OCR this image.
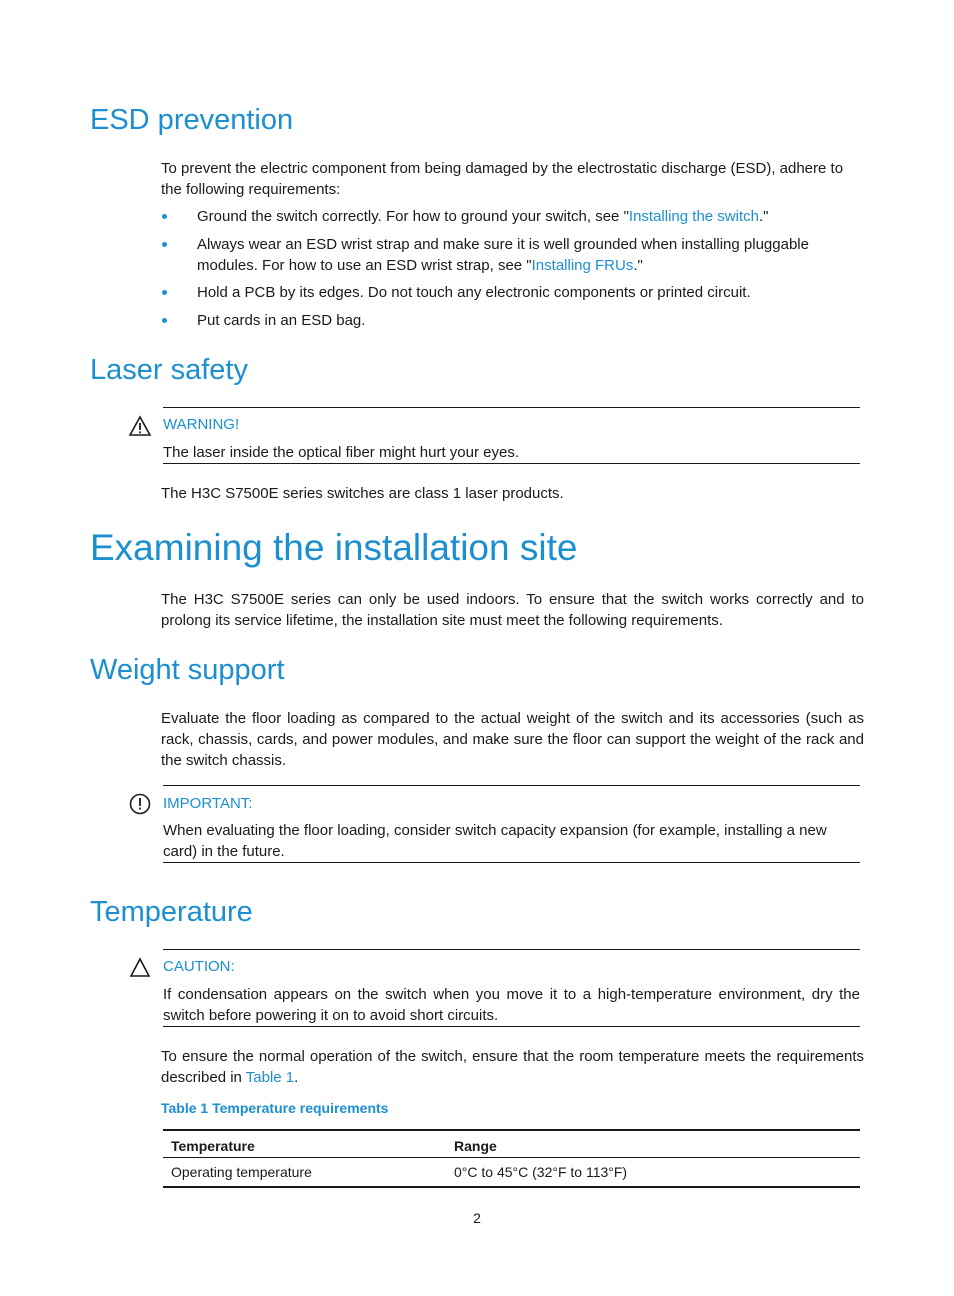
ESD prevention
To prevent the electric component from being damaged by the electrostatic discharge (ESD), adhere to the following requirements:
Ground the switch correctly. For how to ground your switch, see "Installing the switch."
Always wear an ESD wrist strap and make sure it is well grounded when installing pluggable modules. For how to use an ESD wrist strap, see "Installing FRUs."
Hold a PCB by its edges. Do not touch any electronic components or printed circuit.
Put cards in an ESD bag.
Laser safety
WARNING!
The laser inside the optical fiber might hurt your eyes.
The H3C S7500E series switches are class 1 laser products.
Examining the installation site
The H3C S7500E series can only be used indoors. To ensure that the switch works correctly and to prolong its service lifetime, the installation site must meet the following requirements.
Weight support
Evaluate the floor loading as compared to the actual weight of the switch and its accessories (such as rack, chassis, cards, and power modules, and make sure the floor can support the weight of the rack and the switch chassis.
IMPORTANT:
When evaluating the floor loading, consider switch capacity expansion (for example, installing a new card) in the future.
Temperature
CAUTION:
If condensation appears on the switch when you move it to a high-temperature environment, dry the switch before powering it on to avoid short circuits.
To ensure the normal operation of the switch, ensure that the room temperature meets the requirements described in Table 1.
Table 1 Temperature requirements
Temperature	Range
Operating temperature	0°C to 45°C (32°F to 113°F)
2
